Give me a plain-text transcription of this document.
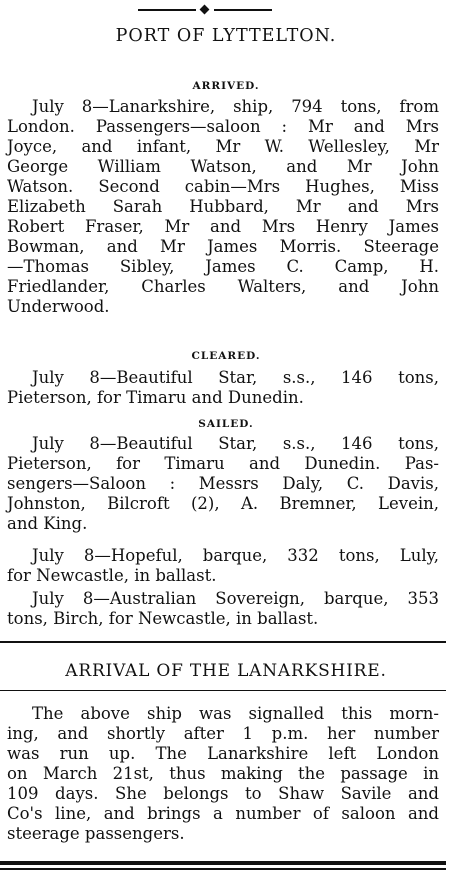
PORT OF LYTTELTON.
ARRIVED.
July 8—Lanarkshire, ship, 794 tons, from
London. Passengers—saloon : Mr and Mrs
Joyce, and infant, Mr W. Wellesley, Mr
George William Watson, and Mr John
Watson. Second cabin—Mrs Hughes, Miss
Elizabeth Sarah Hubbard, Mr and Mrs
Robert Fraser, Mr and Mrs Henry James
Bowman, and Mr James Morris. Steerage
—Thomas Sibley, James C. Camp, H.
Friedlander, Charles Walters, and John
Underwood.
CLEARED.
July 8—Beautiful Star, s.s., 146 tons,
Pieterson, for Timaru and Dunedin.
SAILED.
July 8—Beautiful Star, s.s., 146 tons,
Pieterson, for Timaru and Dunedin. Pas-
sengers—Saloon : Messrs Daly, C. Davis,
Johnston, Bilcroft (2), A. Bremner, Levein,
and King.
July 8—Hopeful, barque, 332 tons, Luly,
for Newcastle, in ballast.
July 8—Australian Sovereign, barque, 353
tons, Birch, for Newcastle, in ballast.
ARRIVAL OF THE LANARKSHIRE.
The above ship was signalled this morn-
ing, and shortly after 1 p.m. her number
was run up. The Lanarkshire left London
on March 21st, thus making the passage in
109 days. She belongs to Shaw Savile and
Co's line, and brings a number of saloon and
steerage passengers.
